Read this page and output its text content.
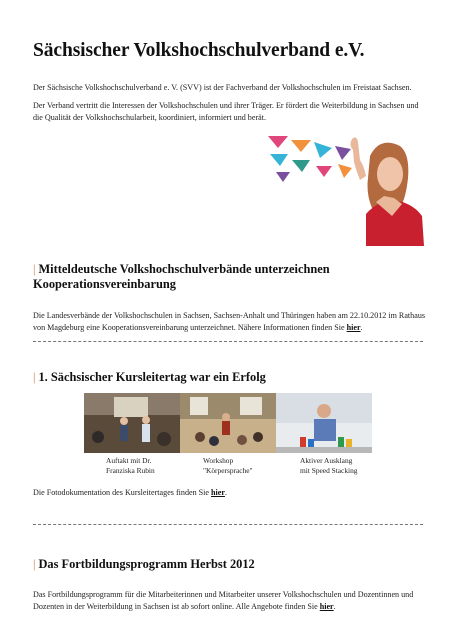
Sächsischer Volkshochschulverband e.V.

Der Sächsische Volkshochschulverband e. V. (SVV) ist der Fachverband der Volkshochschulen im Freistaat Sachsen.

Der Verband vertritt die Interessen der Volkshochschulen und ihrer Träger. Er fördert die Weiterbildung in Sachsen und die Qualität der Volkshochschularbeit, koordiniert, informiert und berät.

| Mitteldeutsche Volkshochschulverbände unterzeichnen Kooperationsvereinbarung

Die Landesverbände der Volkshochschulen in Sachsen, Sachsen-Anhalt und Thüringen haben am 22.10.2012 im Rathaus von Magdeburg eine Kooperationsvereinbarung unterzeichnet. Nähere Informationen finden Sie hier.

| 1. Sächsischer Kursleitertag war ein Erfolg
Auftakt mit Dr.
Franziska Rubin
Workshop
"Körpersprache"
Aktiver Ausklang
mit Speed Stacking

Die Fotodokumentation des Kursleitertages finden Sie hier.

| Das Fortbildungsprogramm Herbst 2012

Das Fortbildungsprogramm für die Mitarbeiterinnen und Mitarbeiter unserer Volkshochschulen und Dozentinnen und Dozenten in der Weiterbildung in Sachsen ist ab sofort online. Alle Angebote finden Sie hier.
